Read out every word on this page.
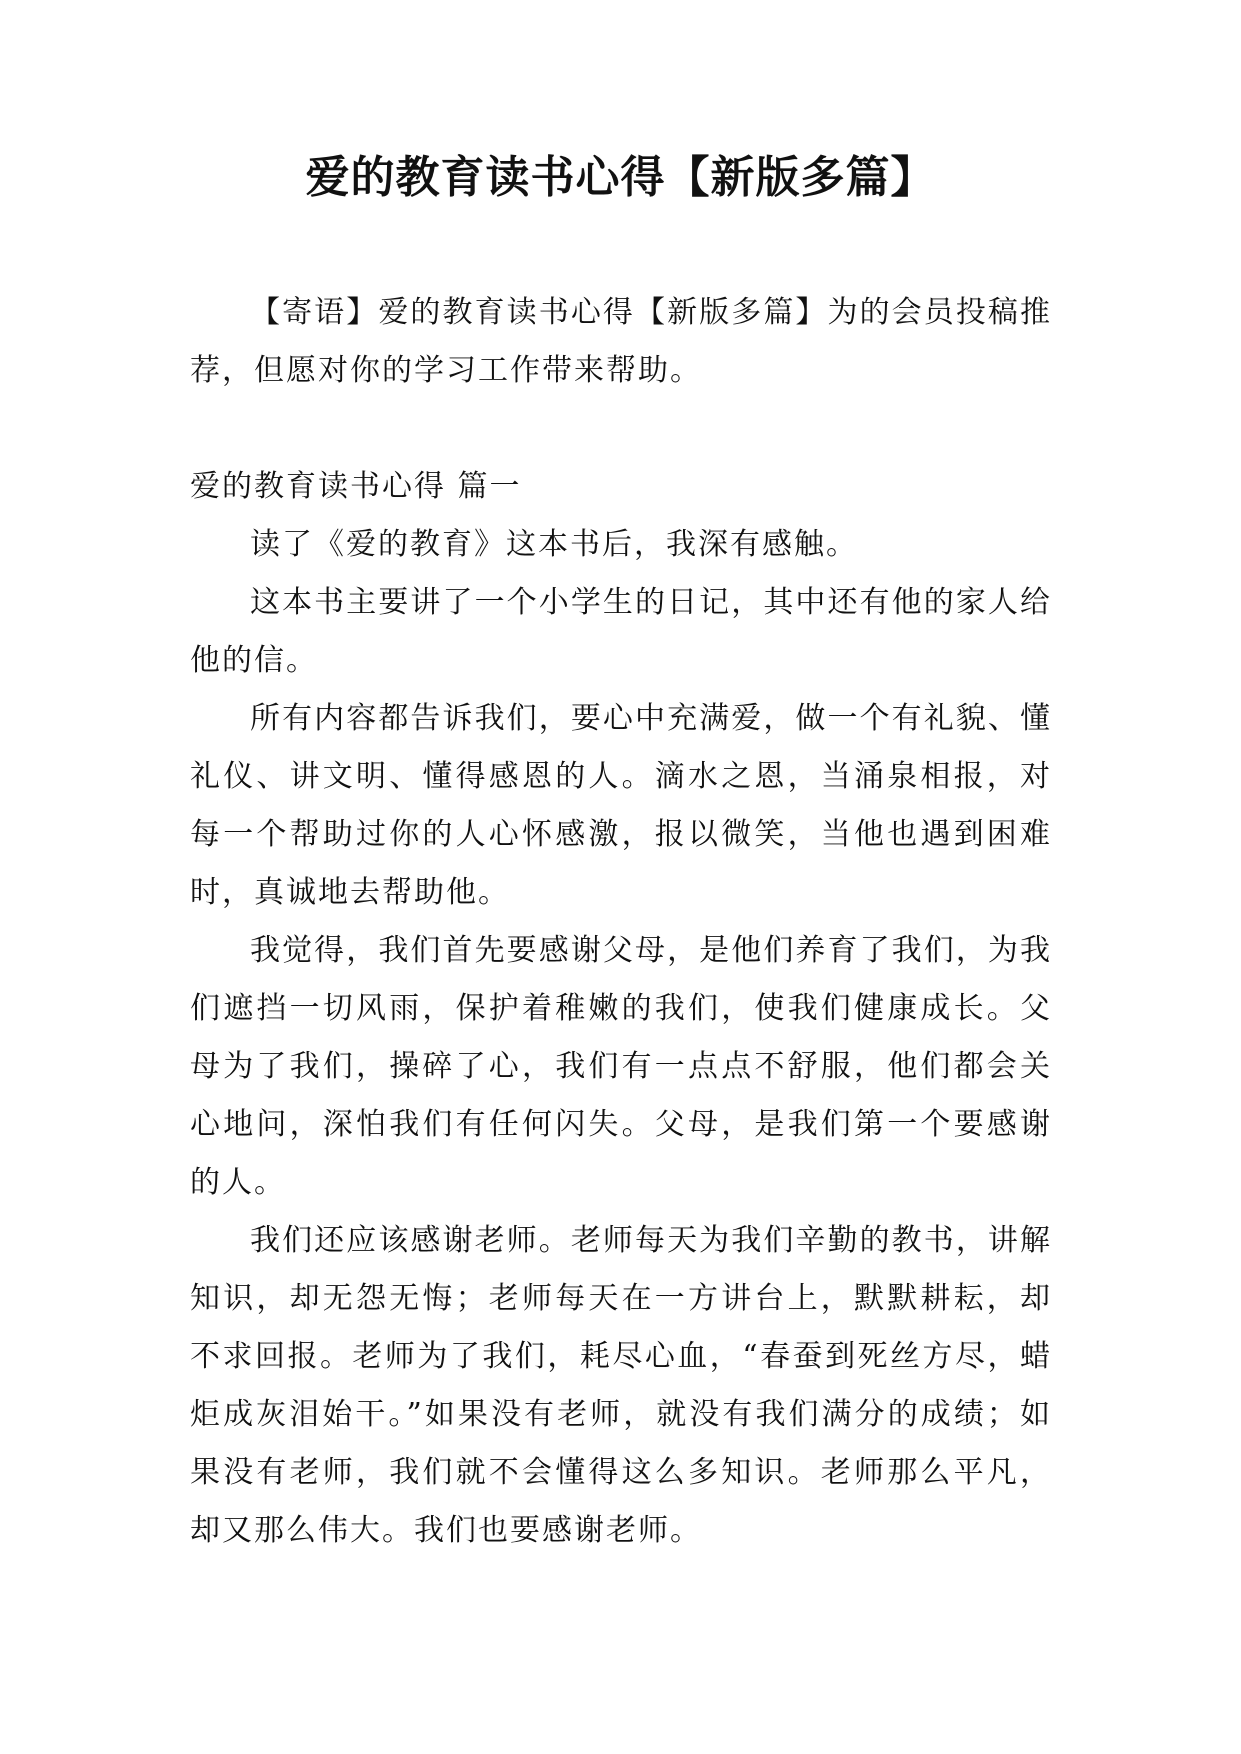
爱的教育读书心得【新版多篇】

【寄语】爱的教育读书心得【新版多篇】为的会员投稿推荐，但愿对你的学习工作带来帮助。

爱的教育读书心得 篇一

读了《爱的教育》这本书后，我深有感触。

这本书主要讲了一个小学生的日记，其中还有他的家人给他的信。

所有内容都告诉我们，要心中充满爱，做一个有礼貌、懂礼仪、讲文明、懂得感恩的人。滴水之恩，当涌泉相报，对每一个帮助过你的人心怀感激，报以微笑，当他也遇到困难时，真诚地去帮助他。

我觉得，我们首先要感谢父母，是他们养育了我们，为我们遮挡一切风雨，保护着稚嫩的我们，使我们健康成长。父母为了我们，操碎了心，我们有一点点不舒服，他们都会关心地问，深怕我们有任何闪失。父母，是我们第一个要感谢的人。

我们还应该感谢老师。老师每天为我们辛勤的教书，讲解知识，却无怨无悔；老师每天在一方讲台上，默默耕耘，却不求回报。老师为了我们，耗尽心血，“春蚕到死丝方尽，蜡炬成灰泪始干。”如果没有老师，就没有我们满分的成绩；如果没有老师，我们就不会懂得这么多知识。老师那么平凡，却又那么伟大。我们也要感谢老师。
